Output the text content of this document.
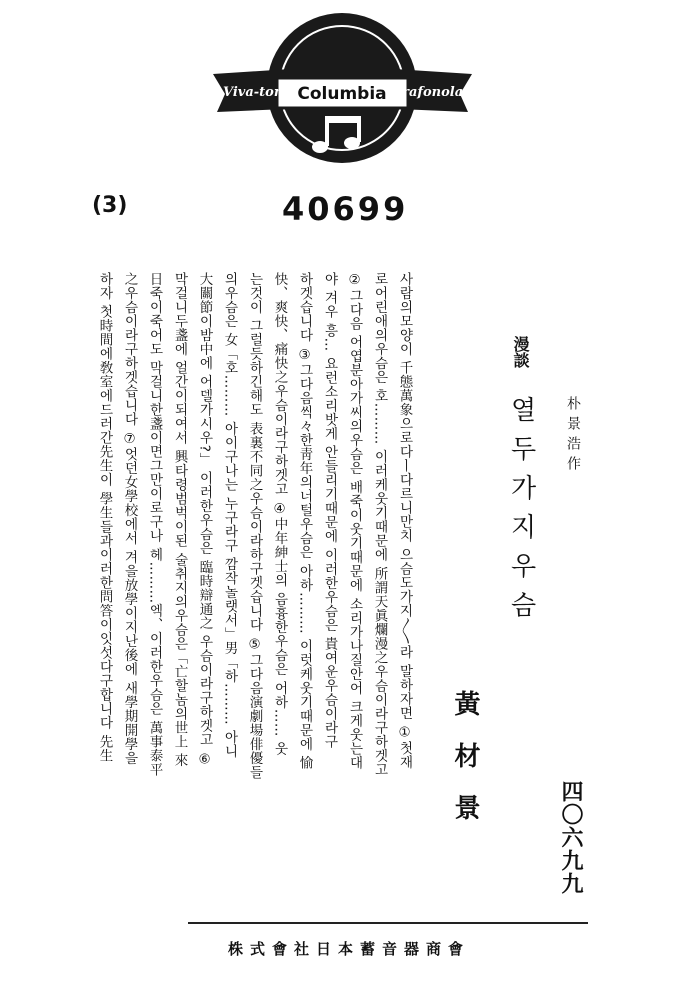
Viva-tonal Columbia Grafonola
(3)	40699
四〇六九九
漫談
열두가지우슴 朴景浩作
黃材景
사람의모양이 千態萬象으로다ㅣ다르니만치 으슴도가지〳〵라 말하자면 ①첫재
로어린애의우슴은 호……… 이러케웃기때문에 所謂天眞爛漫之우슴이라구하겟고
②그다음 어엽분아가씨의우슴은 배죽이웃기때문에 소리가나질안어 크게웃는대
야 겨우 흥… 요런소리밧게 안들리기때문에 이러한우슴은 貴여운우슴이라구
하겟습니다 ③그다음씩々한靑年의너털우슴은 아하……… 이럿케웃기때문에 愉
快、爽快、痛快之우슴이라구하겟고 ④中年紳士의 음흉한우슴은 어하…… 웃
는것이 그럴듯하긴해도 表裏不同之우슴이라하구겟습니다 ⑤그다음演劇場俳優들
의우슴은 女「호……… 아이구나는 누구라구 깜작놀랫서」男「하……… 아니
大關節이밤中에 어델가시우?」 이러한우슴은 臨時辯通之 우슴이라구하겟고 ⑥
막걸니두盞에 얼간이되여서 興타령범벅이된 술취지의우슴은「亡할놈의世上 來
日죽이죽어도 막걸니한盞이면그만이로구나 헤………엑、이러한우슴은 萬事泰平
之우슴이라구하겟습니다 ⑦엇던女學校에서 겨을放學이지난後에 새學期開學을
하자 첫時間에敎室에드러간先生이 學生들과이러한問答이잇섯다구합니다 先生
株式會社日本蓄音器商會
